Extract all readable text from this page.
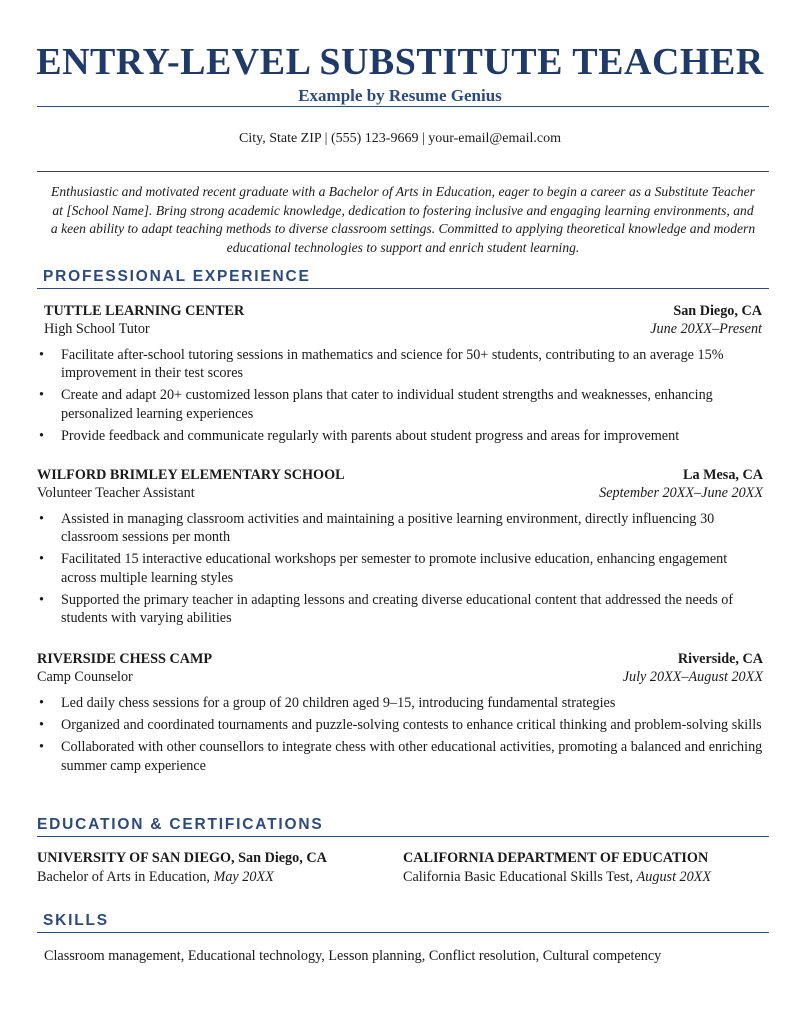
ENTRY-LEVEL SUBSTITUTE TEACHER
Example by Resume Genius
City, State ZIP | (555) 123-9669 | your-email@email.com
Enthusiastic and motivated recent graduate with a Bachelor of Arts in Education, eager to begin a career as a Substitute Teacher at [School Name]. Bring strong academic knowledge, dedication to fostering inclusive and engaging learning environments, and a keen ability to adapt teaching methods to diverse classroom settings. Committed to applying theoretical knowledge and modern educational technologies to support and enrich student learning.
PROFESSIONAL EXPERIENCE
TUTTLE LEARNING CENTER	San Diego, CA
High School Tutor	June 20XX–Present
• Facilitate after-school tutoring sessions in mathematics and science for 50+ students, contributing to an average 15% improvement in their test scores
• Create and adapt 20+ customized lesson plans that cater to individual student strengths and weaknesses, enhancing personalized learning experiences
• Provide feedback and communicate regularly with parents about student progress and areas for improvement
WILFORD BRIMLEY ELEMENTARY SCHOOL	La Mesa, CA
Volunteer Teacher Assistant	September 20XX–June 20XX
• Assisted in managing classroom activities and maintaining a positive learning environment, directly influencing 30 classroom sessions per month
• Facilitated 15 interactive educational workshops per semester to promote inclusive education, enhancing engagement across multiple learning styles
• Supported the primary teacher in adapting lessons and creating diverse educational content that addressed the needs of students with varying abilities
RIVERSIDE CHESS CAMP	Riverside, CA
Camp Counselor	July 20XX–August 20XX
• Led daily chess sessions for a group of 20 children aged 9–15, introducing fundamental strategies
• Organized and coordinated tournaments and puzzle-solving contests to enhance critical thinking and problem-solving skills
• Collaborated with other counsellors to integrate chess with other educational activities, promoting a balanced and enriching summer camp experience
EDUCATION & CERTIFICATIONS
UNIVERSITY OF SAN DIEGO, San Diego, CA
Bachelor of Arts in Education, May 20XX
CALIFORNIA DEPARTMENT OF EDUCATION
California Basic Educational Skills Test, August 20XX
SKILLS
Classroom management, Educational technology, Lesson planning, Conflict resolution, Cultural competency
